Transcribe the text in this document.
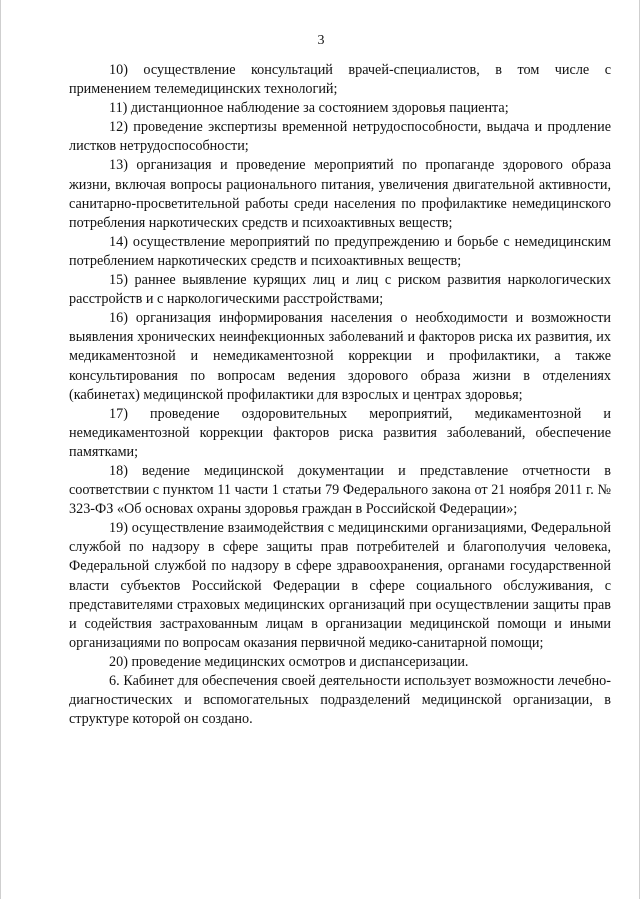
3

10) осуществление консультаций врачей-специалистов, в том числе с применением телемедицинских технологий;

11) дистанционное наблюдение за состоянием здоровья пациента;

12) проведение экспертизы временной нетрудоспособности, выдача и продление листков нетрудоспособности;

13) организация и проведение мероприятий по пропаганде здорового образа жизни, включая вопросы рационального питания, увеличения двигательной активности, санитарно-просветительной работы среди населения по профилактике немедицинского потребления наркотических средств и психоактивных веществ;

14) осуществление мероприятий по предупреждению и борьбе с немедицинским потреблением наркотических средств и психоактивных веществ;

15) раннее выявление курящих лиц и лиц с риском развития наркологических расстройств и с наркологическими расстройствами;

16) организация информирования населения о необходимости и возможности выявления хронических неинфекционных заболеваний и факторов риска их развития, их медикаментозной и немедикаментозной коррекции и профилактики, а также консультирования по вопросам ведения здорового образа жизни в отделениях (кабинетах) медицинской профилактики для взрослых и центрах здоровья;

17) проведение оздоровительных мероприятий, медикаментозной и немедикаментозной коррекции факторов риска развития заболеваний, обеспечение памятками;

18) ведение медицинской документации и представление отчетности в соответствии с пунктом 11 части 1 статьи 79 Федерального закона от 21 ноября 2011 г. № 323-ФЗ «Об основах охраны здоровья граждан в Российской Федерации»;

19) осуществление взаимодействия с медицинскими организациями, Федеральной службой по надзору в сфере защиты прав потребителей и благополучия человека, Федеральной службой по надзору в сфере здравоохранения, органами государственной власти субъектов Российской Федерации в сфере социального обслуживания, с представителями страховых медицинских организаций при осуществлении защиты прав и содействия застрахованным лицам в организации медицинской помощи и иными организациями по вопросам оказания первичной медико-санитарной помощи;

20) проведение медицинских осмотров и диспансеризации.

6. Кабинет для обеспечения своей деятельности использует возможности лечебно-диагностических и вспомогательных подразделений медицинской организации, в структуре которой он создано.
